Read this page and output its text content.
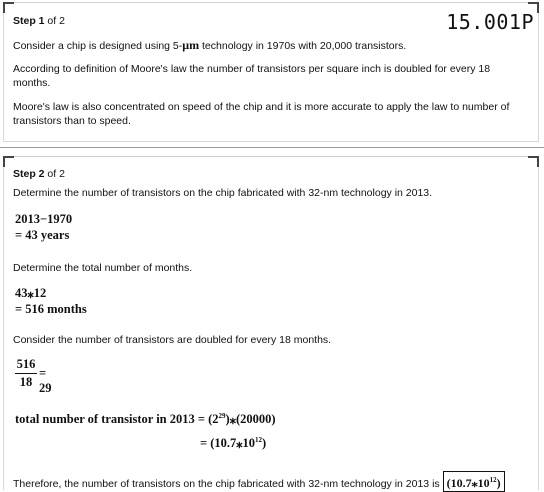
Step 1 of 2	15.001P
Consider a chip is designed using 5-μm technology in 1970s with 20,000 transistors.
According to definition of Moore's law the number of transistors per square inch is doubled for every 18 months.
Moore's law is also concentrated on speed of the chip and it is more accurate to apply the law to number of transistors than to speed.
Step 2 of 2
Determine the number of transistors on the chip fabricated with 32-nm technology in 2013.
2013−1970
= 43 years
Determine the total number of months.
43⁎12
= 516 months
Consider the number of transistors are doubled for every 18 months.
516
18
= 29
total number of transistor in $2013 = (2^{29})⁎(20000)$
= $(10.7⁎10^{12})$
Therefore, the number of transistors on the chip fabricated with 32-nm technology in 2013 is $(10.7⁎10^{12})$
